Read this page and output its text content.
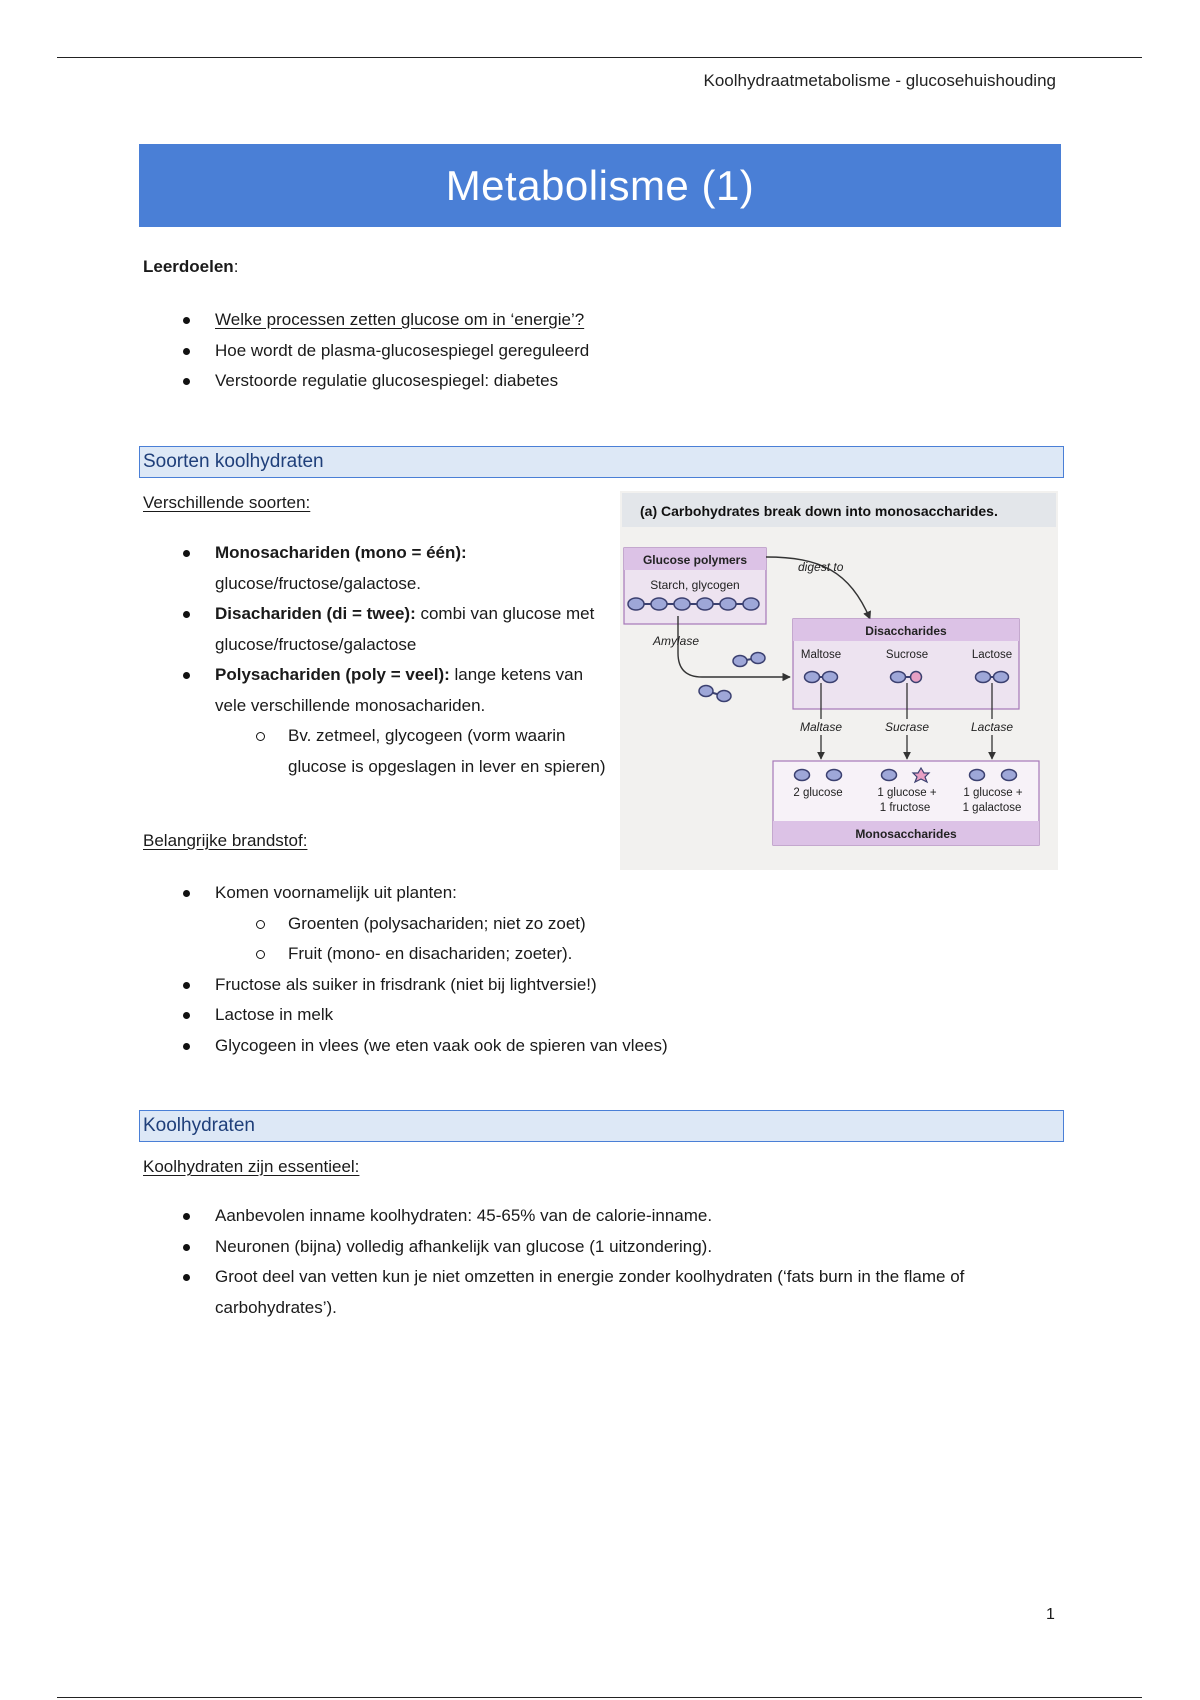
Koolhydraatmetabolisme - glucosehuishouding
Metabolisme (1)
Leerdoelen:
Welke processen zetten glucose om in ‘energie’?
Hoe wordt de plasma-glucosespiegel gereguleerd
Verstoorde regulatie glucosespiegel: diabetes
Soorten koolhydraten
Verschillende soorten:
Monosachariden (mono = één): glucose/fructose/galactose.
Disachariden (di = twee): combi van glucose met glucose/fructose/galactose
Polysachariden (poly = veel): lange ketens van vele verschillende monosachariden.
Bv. zetmeel, glycogeen (vorm waarin glucose is opgeslagen in lever en spieren)
Belangrijke brandstof:
Komen voornamelijk uit planten:
Groenten (polysachariden; niet zo zoet)
Fruit (mono- en disachariden; zoeter).
Fructose als suiker in frisdrank (niet bij lightversie!)
Lactose in melk
Glycogeen in vlees (we eten vaak ook de spieren van vlees)
(a) Carbohydrates break down into monosaccharides.
Glucose polymers
Starch, glycogen
digest to
Amylase
Disaccharides
Maltose	Sucrose	Lactose
Maltase	Sucrase	Lactase
Monosaccharides
2 glucose	1 glucose +
1 fructose
1 glucose +
1 galactose
Koolhydraten
Koolhydraten zijn essentieel:
Aanbevolen inname koolhydraten: 45-65% van de calorie-inname.
Neuronen (bijna) volledig afhankelijk van glucose (1 uitzondering).
Groot deel van vetten kun je niet omzetten in energie zonder koolhydraten (‘fats burn in the flame of carbohydrates’).
1
